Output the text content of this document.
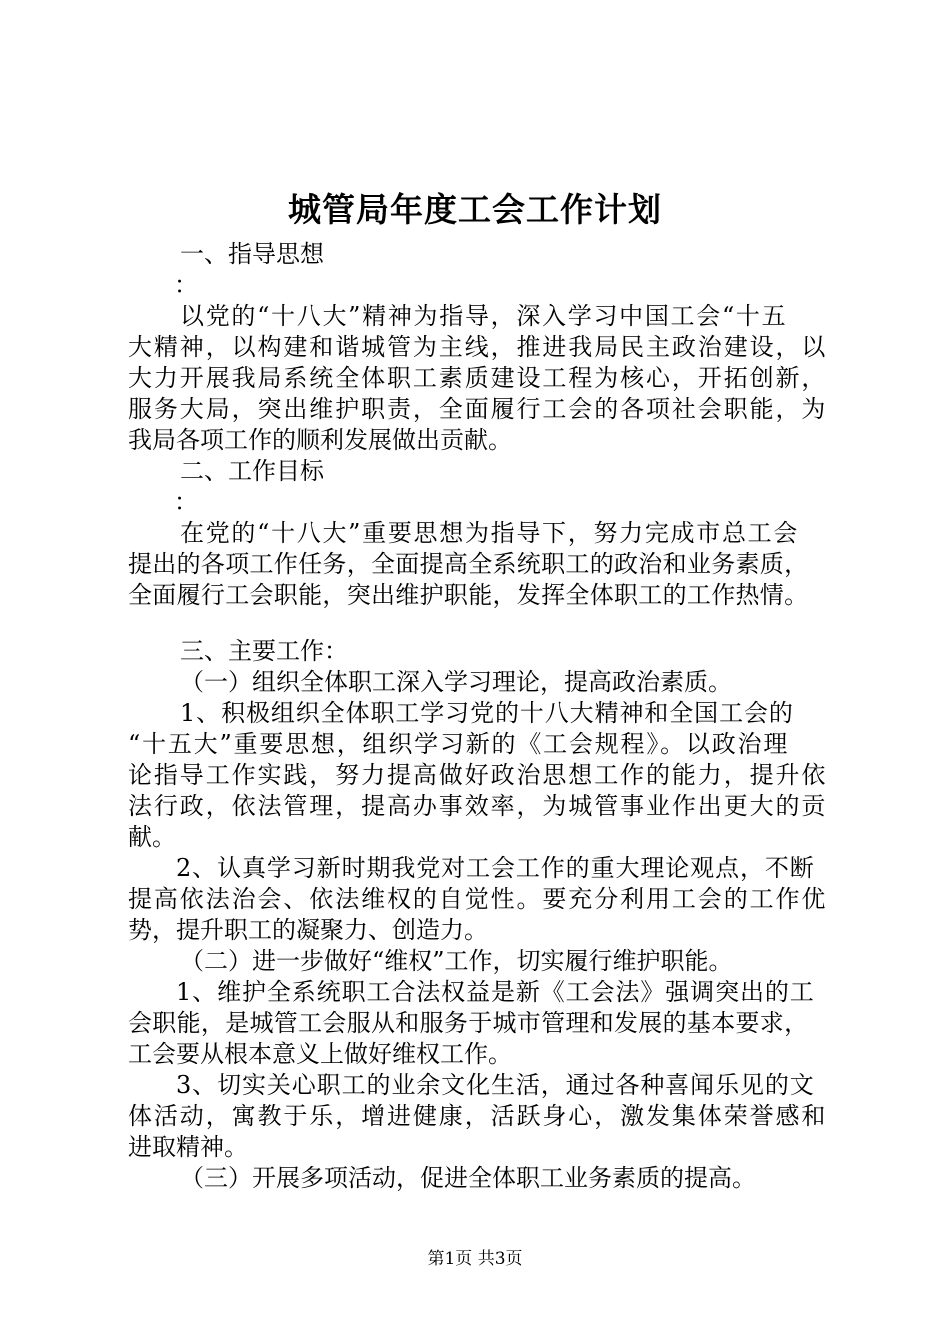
城管局年度工会工作计划
一、指导思想
：
以党的“十八大”精神为指导，深入学习中国工会“十五
大精神，以构建和谐城管为主线，推进我局民主政治建设，以
大力开展我局系统全体职工素质建设工程为核心，开拓创新，
服务大局，突出维护职责，全面履行工会的各项社会职能，为
我局各项工作的顺利发展做出贡献。
二、工作目标
：
在党的“十八大”重要思想为指导下，努力完成市总工会
提出的各项工作任务，全面提高全系统职工的政治和业务素质，
全面履行工会职能，突出维护职能，发挥全体职工的工作热情。
三、主要工作：
（一）组织全体职工深入学习理论，提高政治素质。
1、积极组织全体职工学习党的十八大精神和全国工会的
“十五大”重要思想，组织学习新的《工会规程》。以政治理
论指导工作实践，努力提高做好政治思想工作的能力，提升依
法行政，依法管理，提高办事效率，为城管事业作出更大的贡
献。
2、认真学习新时期我党对工会工作的重大理论观点，不断
提高依法治会、依法维权的自觉性。要充分利用工会的工作优
势，提升职工的凝聚力、创造力。
（二）进一步做好“维权”工作，切实履行维护职能。
1、维护全系统职工合法权益是新《工会法》强调突出的工
会职能，是城管工会服从和服务于城市管理和发展的基本要求，
工会要从根本意义上做好维权工作。
3、切实关心职工的业余文化生活，通过各种喜闻乐见的文
体活动，寓教于乐，增进健康，活跃身心，激发集体荣誉感和
进取精神。
（三）开展多项活动，促进全体职工业务素质的提高。
第1页 共3页
